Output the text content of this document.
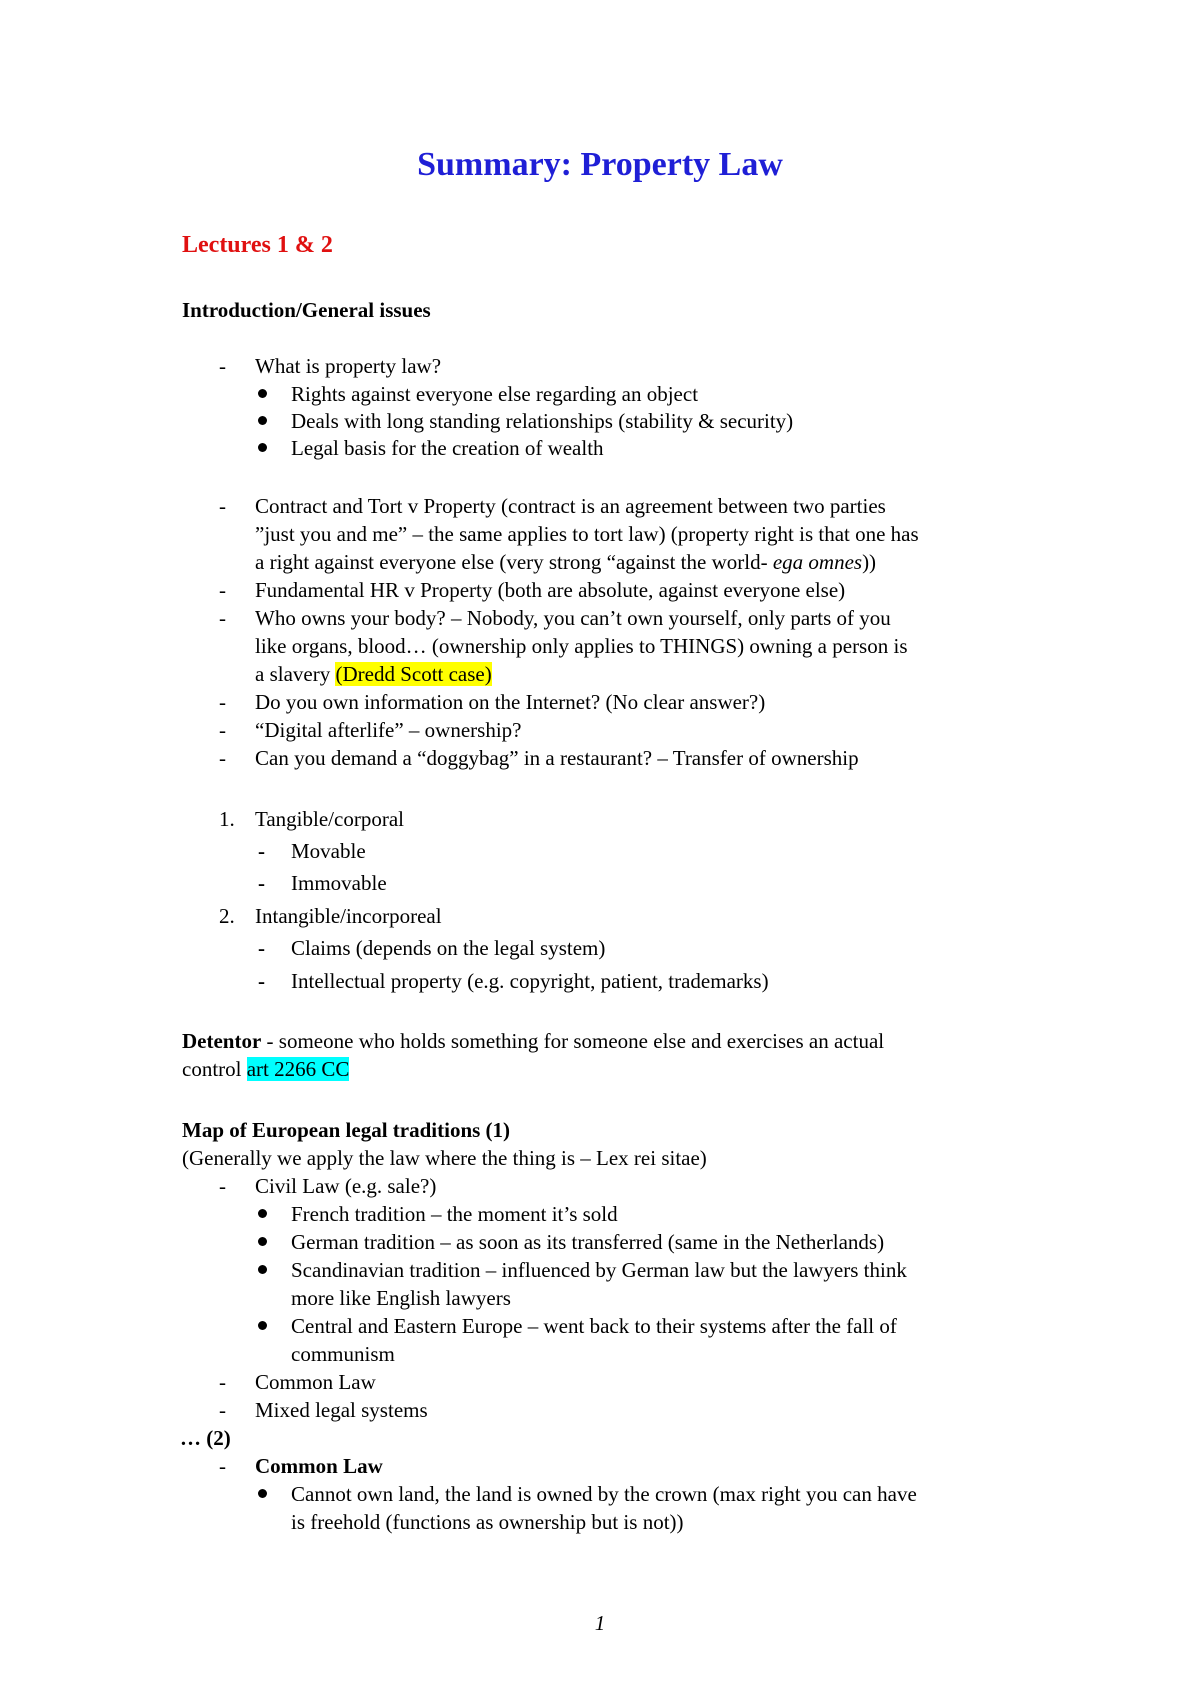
Summary: Property Law
Lectures 1 & 2
Introduction/General issues
- What is property law?
Rights against everyone else regarding an object
Deals with long standing relationships (stability & security)
Legal basis for the creation of wealth
- Contract and Tort v Property (contract is an agreement between two parties
”just you and me” – the same applies to tort law) (property right is that one has
a right against everyone else (very strong “against the world- ega omnes))
- Fundamental HR v Property (both are absolute, against everyone else)
- Who owns your body? – Nobody, you can’t own yourself, only parts of you
like organs, blood… (ownership only applies to THINGS) owning a person is
a slavery (Dredd Scott case)
- Do you own information on the Internet? (No clear answer?)
- “Digital afterlife” – ownership?
- Can you demand a “doggybag” in a restaurant? – Transfer of ownership
1. Tangible/corporal
- Movable
- Immovable
2. Intangible/incorporeal
- Claims (depends on the legal system)
- Intellectual property (e.g. copyright, patient, trademarks)
Detentor - someone who holds something for someone else and exercises an actual
control art 2266 CC
Map of European legal traditions (1)
(Generally we apply the law where the thing is – Lex rei sitae)
- Civil Law (e.g. sale?)
French tradition – the moment it’s sold
German tradition – as soon as its transferred (same in the Netherlands)
Scandinavian tradition – influenced by German law but the lawyers think
more like English lawyers
Central and Eastern Europe – went back to their systems after the fall of
communism
- Common Law
- Mixed legal systems
… (2)
- Common Law
Cannot own land, the land is owned by the crown (max right you can have
is freehold (functions as ownership but is not))
1
